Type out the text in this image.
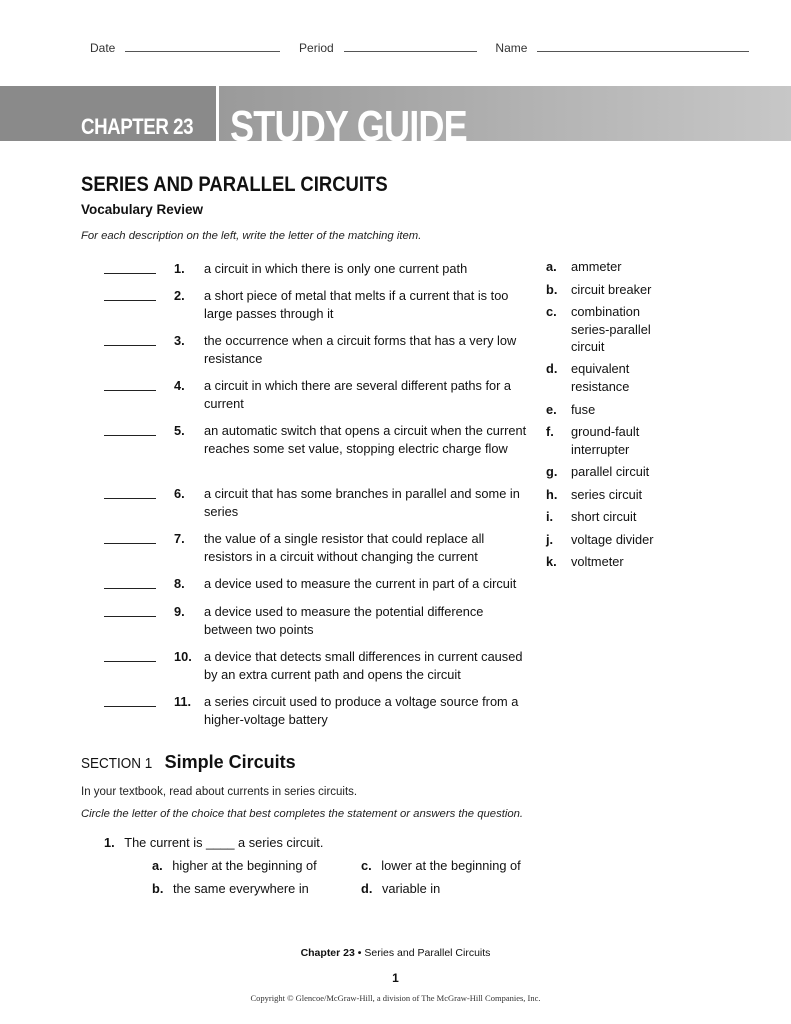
Date	Period	Name
CHAPTER 23 STUDY GUIDE
SERIES AND PARALLEL CIRCUITS
Vocabulary Review
For each description on the left, write the letter of the matching item.
1. a circuit in which there is only one current path
2. a short piece of metal that melts if a current that is too large passes through it
3. the occurrence when a circuit forms that has a very low resistance
4. a circuit in which there are several different paths for a current
5. an automatic switch that opens a circuit when the current reaches some set value, stopping electric charge flow
6. a circuit that has some branches in parallel and some in series
7. the value of a single resistor that could replace all resistors in a circuit without changing the current
8. a device used to measure the current in part of a circuit
9. a device used to measure the potential difference between two points
10. a device that detects small differences in current caused by an extra current path and opens the circuit
11. a series circuit used to produce a voltage source from a higher-voltage battery
a. ammeter
b. circuit breaker
c. combination series-parallel circuit
d. equivalent resistance
e. fuse
f. ground-fault interrupter
g. parallel circuit
h. series circuit
i. short circuit
j. voltage divider
k. voltmeter
SECTION 1 Simple Circuits
In your textbook, read about currents in series circuits.
Circle the letter of the choice that best completes the statement or answers the question.
1. The current is ____ a series circuit.
a. higher at the beginning of
b. the same everywhere in
c. lower at the beginning of
d. variable in
Chapter 23 • Series and Parallel Circuits
1
Copyright © Glencoe/McGraw-Hill, a division of The McGraw-Hill Companies, Inc.
